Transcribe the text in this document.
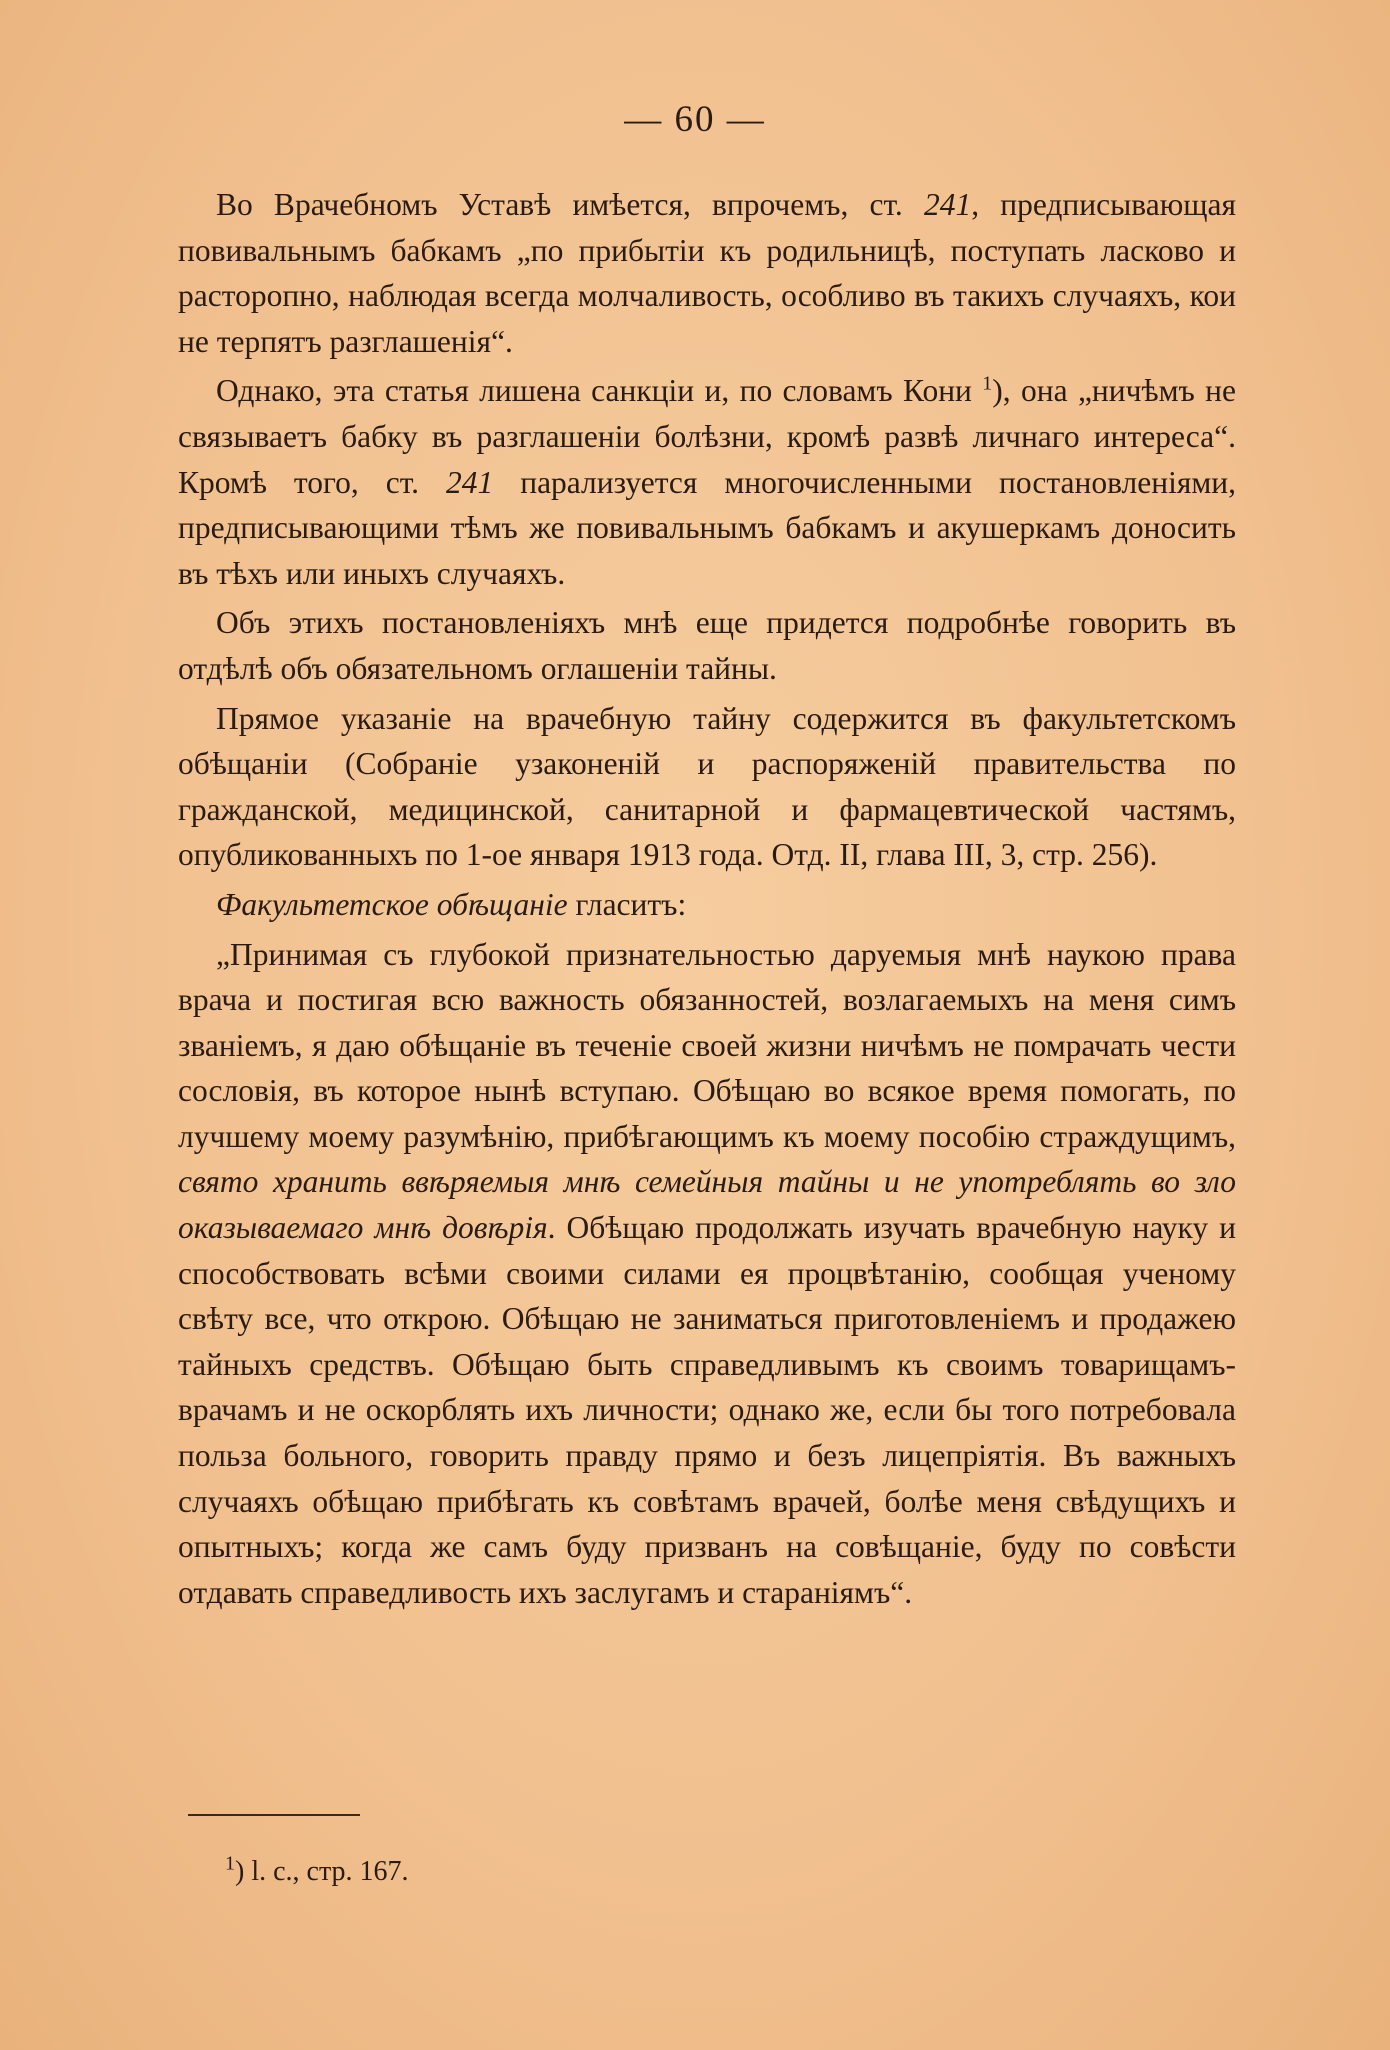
— 60 —

Во Врачебномъ Уставѣ имѣется, впрочемъ, ст. 241, предписывающая повивальнымъ бабкамъ „по прибытіи къ родильницѣ, поступать ласково и расторопно, наблюдая всегда молчаливость, особливо въ такихъ случаяхъ, кои не терпятъ разглашенія“.

Однако, эта статья лишена санкціи и, по словамъ Кони $^1$), она „ничѣмъ не связываетъ бабку въ разглашеніи болѣзни, кромѣ развѣ личнаго интереса“. Кромѣ того, ст. 241 парализуется многочисленными постановленіями, предписывающими тѣмъ же повивальнымъ бабкамъ и акушеркамъ доносить въ тѣхъ или иныхъ случаяхъ.

Объ этихъ постановленіяхъ мнѣ еще придется подробнѣе говорить въ отдѣлѣ объ обязательномъ оглашеніи тайны.

Прямое указаніе на врачебную тайну содержится въ факультетскомъ обѣщаніи (Собраніе узаконеній и распоряженій правительства по гражданской, медицинской, санитарной и фармацевтической частямъ, опубликованныхъ по 1-ое января 1913 года. Отд. II, глава III, 3, стр. 256).

Факультетское обѣщаніе гласитъ:

„Принимая съ глубокой признательностью даруемыя мнѣ наукою права врача и постигая всю важность обязанностей, возлагаемыхъ на меня симъ званіемъ, я даю обѣщаніе въ теченіе своей жизни ничѣмъ не помрачать чести сословія, въ которое нынѣ вступаю. Обѣщаю во всякое время помогать, по лучшему моему разумѣнію, прибѣгающимъ къ моему пособію страждущимъ, свято хранить ввѣряемыя мнѣ семейныя тайны и не употреблять во зло оказываемаго мнѣ довѣрія. Обѣщаю продолжать изучать врачебную науку и способствовать всѣми своими силами ея процвѣтанію, сообщая ученому свѣту все, что открою. Обѣщаю не заниматься приготовленіемъ и продажею тайныхъ средствъ. Обѣщаю быть справедливымъ къ своимъ товарищамъ-врачамъ и не оскорблять ихъ личности; однако же, если бы того потребовала польза больного, говорить правду прямо и безъ лицепріятія. Въ важныхъ случаяхъ обѣщаю прибѣгать къ совѣтамъ врачей, болѣе меня свѣдущихъ и опытныхъ; когда же самъ буду призванъ на совѣщаніе, буду по совѣсти отдавать справедливость ихъ заслугамъ и стараніямъ“.

$^1$) l. c., стр. 167.
